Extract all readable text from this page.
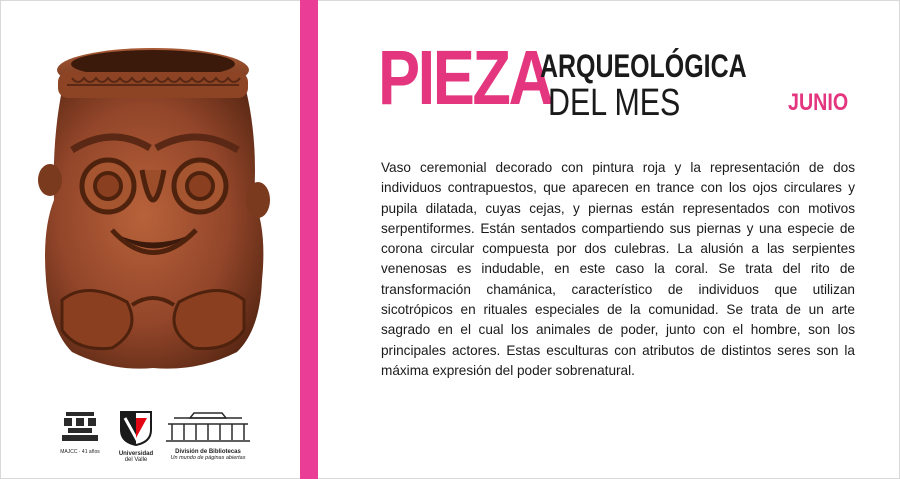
MAJCC · 41 años	Universidad
del Valle
División de Bibliotecas
Un mundo de páginas abiertas
PIEZA
ARQUEOLÓGICA
DEL MES	JUNIO

Vaso ceremonial decorado con pintura roja y la representación de dos individuos contrapuestos, que aparecen en trance con los ojos circulares y pupila dilatada, cuyas cejas, y piernas están representados con motivos serpentiformes. Están sentados compartiendo sus piernas y una especie de corona circular compuesta por dos culebras. La alusión a las serpientes venenosas es indudable, en este caso la coral. Se trata del rito de transformación chamánica, característico de individuos que utilizan sicotrópicos en rituales especiales de la comunidad. Se trata de un arte sagrado en el cual los animales de poder, junto con el hombre, son los principales actores. Estas esculturas con atributos de distintos seres son la máxima expresión del poder sobrenatural.
